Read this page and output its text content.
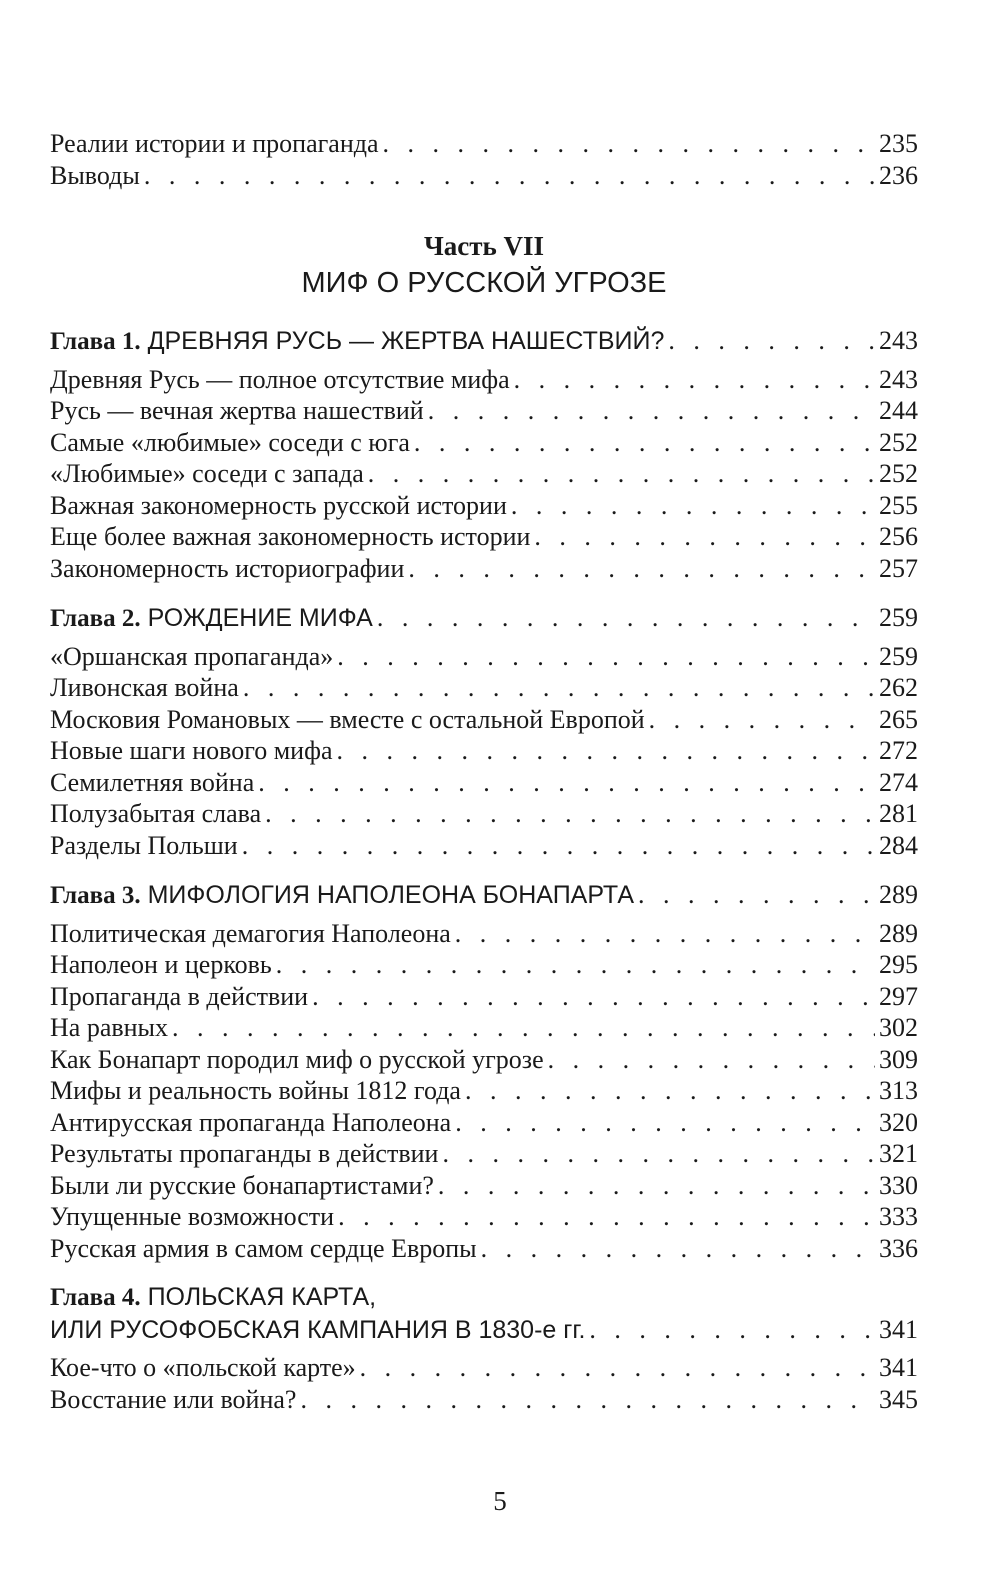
Реалии истории и пропаганда . . .	235
Выводы . . .	236
Часть VII
МИФ О РУССКОЙ УГРОЗЕ
Глава 1. ДРЕВНЯЯ РУСЬ — ЖЕРТВА НАШЕСТВИЙ? . . .	243
Древняя Русь — полное отсутствие мифа . . .	243
Русь — вечная жертва нашествий . . .	244
Самые «любимые» соседи с юга . . .	252
«Любимые» соседи с запада . . .	252
Важная закономерность русской истории . . .	255
Еще более важная закономерность истории . . .	256
Закономерность историографии . . .	257
Глава 2. РОЖДЕНИЕ МИФА . . .	259
«Оршанская пропаганда» . . .	259
Ливонская война . . .	262
Московия Романовых — вместе с остальной Европой . . .	265
Новые шаги нового мифа . . .	272
Семилетняя война . . .	274
Полузабытая слава . . .	281
Разделы Польши . . .	284
Глава 3. МИФОЛОГИЯ НАПОЛЕОНА БОНАПАРТА . . .	289
Политическая демагогия Наполеона . . .	289
Наполеон и церковь . . .	295
Пропаганда в действии . . .	297
На равных . . .	302
Как Бонапарт породил миф о русской угрозе . . .	309
Мифы и реальность войны 1812 года . . .	313
Антирусская пропаганда Наполеона . . .	320
Результаты пропаганды в действии . . .	321
Были ли русские бонапартистами? . . .	330
Упущенные возможности . . .	333
Русская армия в самом сердце Европы . . .	336
Глава 4. ПОЛЬСКАЯ КАРТА,
ИЛИ РУСОФОБСКАЯ КАМПАНИЯ В 1830-е гг. . . .	341
Кое-что о «польской карте» . . .	341
Восстание или война? . . .	345
5
